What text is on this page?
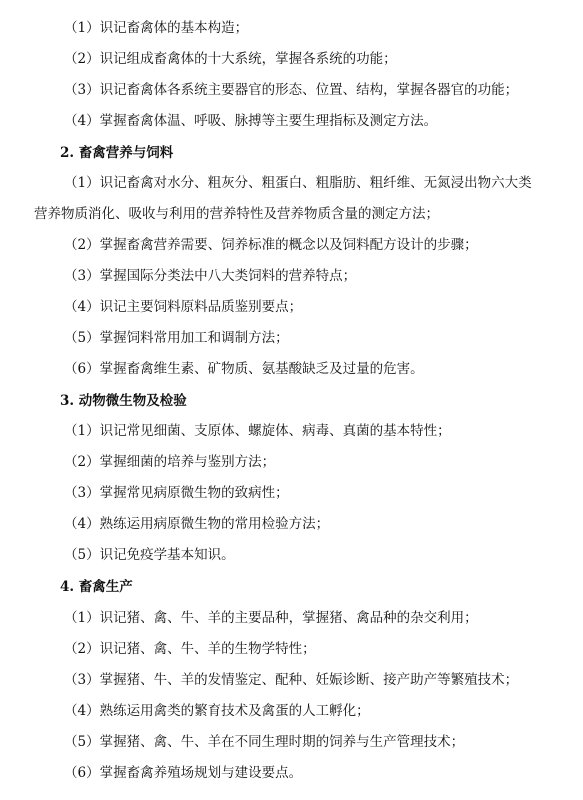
（1）识记畜禽体的基本构造；
（2）识记组成畜禽体的十大系统，掌握各系统的功能；
（3）识记畜禽体各系统主要器官的形态、位置、结构，掌握各器官的功能；
（4）掌握畜禽体温、呼吸、脉搏等主要生理指标及测定方法。
2. 畜禽营养与饲料
（1）识记畜禽对水分、粗灰分、粗蛋白、粗脂肪、粗纤维、无氮浸出物六大类
营养物质消化、吸收与利用的营养特性及营养物质含量的测定方法；
（2）掌握畜禽营养需要、饲养标准的概念以及饲料配方设计的步骤；
（3）掌握国际分类法中八大类饲料的营养特点；
（4）识记主要饲料原料品质鉴别要点；
（5）掌握饲料常用加工和调制方法；
（6）掌握畜禽维生素、矿物质、氨基酸缺乏及过量的危害。
3. 动物微生物及检验
（1）识记常见细菌、支原体、螺旋体、病毒、真菌的基本特性；
（2）掌握细菌的培养与鉴别方法；
（3）掌握常见病原微生物的致病性；
（4）熟练运用病原微生物的常用检验方法；
（5）识记免疫学基本知识。
4. 畜禽生产
（1）识记猪、禽、牛、羊的主要品种，掌握猪、禽品种的杂交利用；
（2）识记猪、禽、牛、羊的生物学特性；
（3）掌握猪、牛、羊的发情鉴定、配种、妊娠诊断、接产助产等繁殖技术；
（4）熟练运用禽类的繁育技术及禽蛋的人工孵化；
（5）掌握猪、禽、牛、羊在不同生理时期的饲养与生产管理技术；
（6）掌握畜禽养殖场规划与建设要点。
